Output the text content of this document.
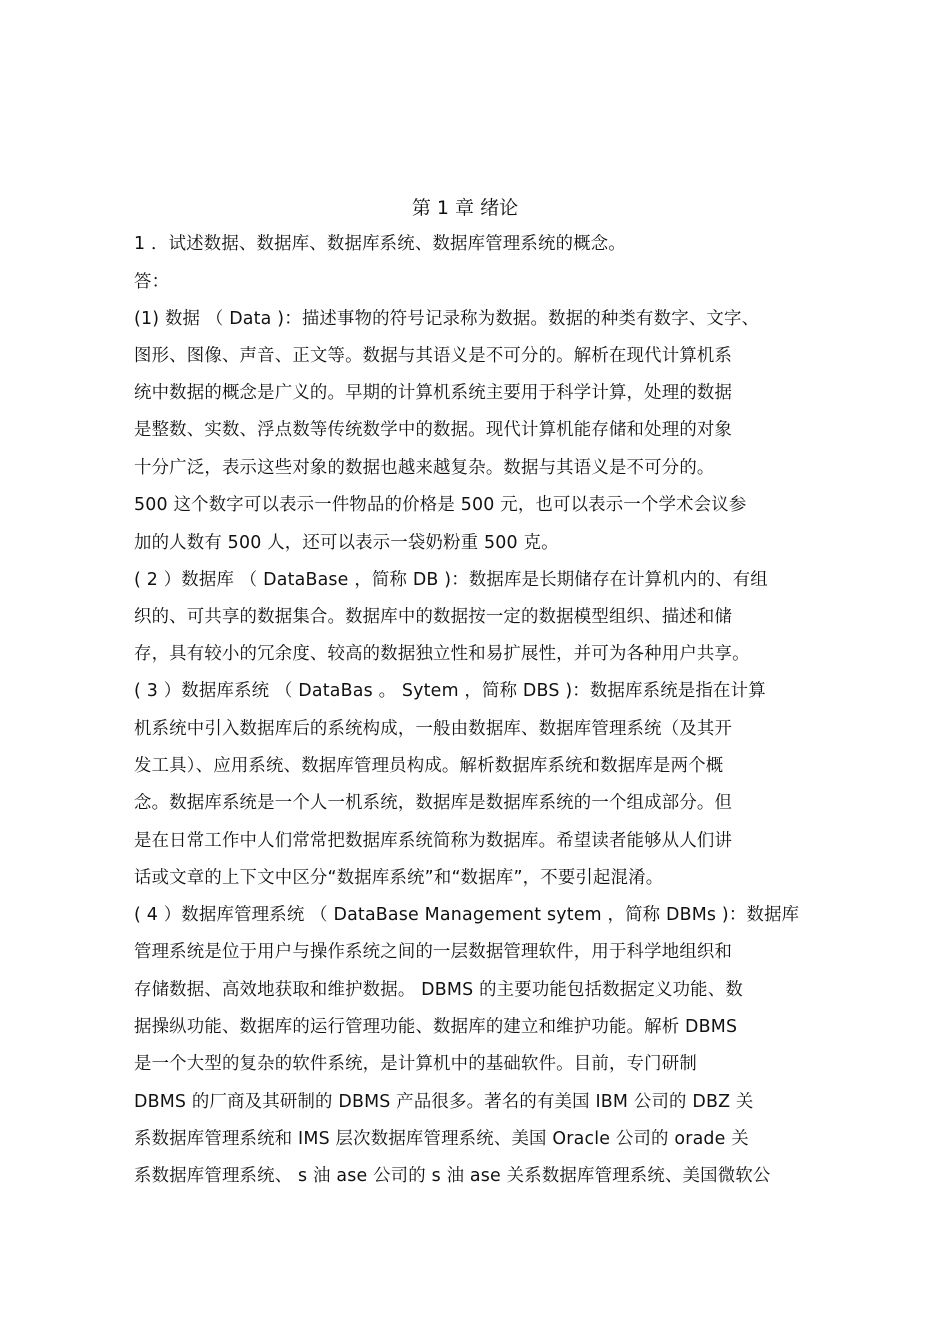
第 1 章 绪论
1 ．试述数据、数据库、数据库系统、数据库管理系统的概念。
答：
(1) 数据 （ Data )：描述事物的符号记录称为数据。数据的种类有数字、文字、
图形、图像、声音、正文等。数据与其语义是不可分的。解析在现代计算机系
统中数据的概念是广义的。早期的计算机系统主要用于科学计算，处理的数据
是整数、实数、浮点数等传统数学中的数据。现代计算机能存储和处理的对象
十分广泛，表示这些对象的数据也越来越复杂。数据与其语义是不可分的。
500 这个数字可以表示一件物品的价格是 500 元，也可以表示一个学术会议参
加的人数有 500 人，还可以表示一袋奶粉重 500 克。
( 2 ）数据库 （ DataBase ，简称 DB )：数据库是长期储存在计算机内的、有组
织的、可共享的数据集合。数据库中的数据按一定的数据模型组织、描述和储
存，具有较小的冗余度、较高的数据独立性和易扩展性，并可为各种用户共享。
( 3 ）数据库系统 （ DataBas 。 Sytem ，简称 DBS )：数据库系统是指在计算
机系统中引入数据库后的系统构成，一般由数据库、数据库管理系统（及其开
发工具）、应用系统、数据库管理员构成。解析数据库系统和数据库是两个概
念。数据库系统是一个人一机系统，数据库是数据库系统的一个组成部分。但
是在日常工作中人们常常把数据库系统简称为数据库。希望读者能够从人们讲
话或文章的上下文中区分“数据库系统”和“数据库”，不要引起混淆。
( 4 ）数据库管理系统 （ DataBase Management sytem ，简称 DBMs )：数据库
管理系统是位于用户与操作系统之间的一层数据管理软件，用于科学地组织和
存储数据、高效地获取和维护数据。 DBMS 的主要功能包括数据定义功能、数
据操纵功能、数据库的运行管理功能、数据库的建立和维护功能。解析 DBMS
是一个大型的复杂的软件系统，是计算机中的基础软件。目前，专门研制
DBMS 的厂商及其研制的 DBMS 产品很多。著名的有美国 IBM 公司的 DBZ 关
系数据库管理系统和 IMS 层次数据库管理系统、美国 Oracle 公司的 orade 关
系数据库管理系统、 s 油 ase 公司的 s 油 ase 关系数据库管理系统、美国微软公
